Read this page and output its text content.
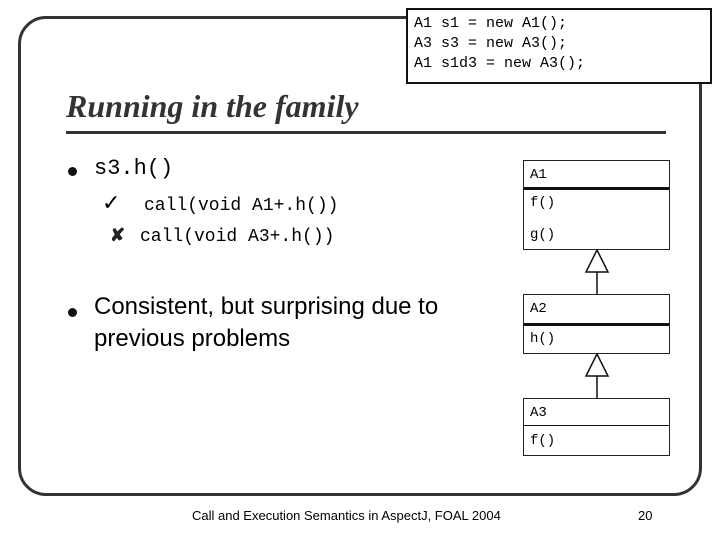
A1 s1 = new A1();
A3 s3 = new A3();
A1 s1d3 = new A3();
Running in the family
s3.h()
✓ call(void A1+.h())
✘ call(void A3+.h())
Consistent, but surprising due to
previous problems
A1
f()
g()
A2
h()
A3
f()
Call and Execution Semantics in AspectJ, FOAL 2004	20
